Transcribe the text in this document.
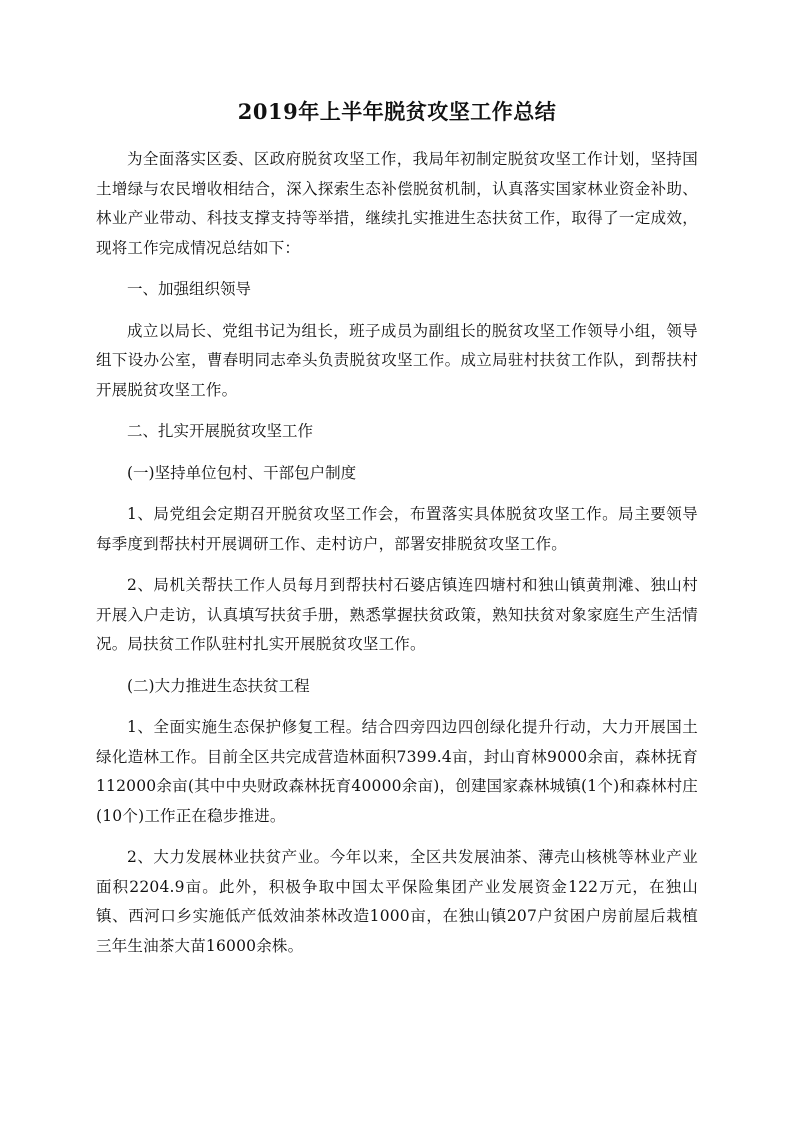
2019年上半年脱贫攻坚工作总结

为全面落实区委、区政府脱贫攻坚工作，我局年初制定脱贫攻坚工作计划，坚持国土增绿与农民增收相结合，深入探索生态补偿脱贫机制，认真落实国家林业资金补助、林业产业带动、科技支撑支持等举措，继续扎实推进生态扶贫工作，取得了一定成效，现将工作完成情况总结如下：

一、加强组织领导

成立以局长、党组书记为组长，班子成员为副组长的脱贫攻坚工作领导小组，领导组下设办公室，曹春明同志牵头负责脱贫攻坚工作。成立局驻村扶贫工作队，到帮扶村开展脱贫攻坚工作。

二、扎实开展脱贫攻坚工作

(一)坚持单位包村、干部包户制度

1、局党组会定期召开脱贫攻坚工作会，布置落实具体脱贫攻坚工作。局主要领导每季度到帮扶村开展调研工作、走村访户，部署安排脱贫攻坚工作。

2、局机关帮扶工作人员每月到帮扶村石婆店镇连四塘村和独山镇黄荆滩、独山村开展入户走访，认真填写扶贫手册，熟悉掌握扶贫政策，熟知扶贫对象家庭生产生活情况。局扶贫工作队驻村扎实开展脱贫攻坚工作。

(二)大力推进生态扶贫工程

1、全面实施生态保护修复工程。结合四旁四边四创绿化提升行动，大力开展国土绿化造林工作。目前全区共完成营造林面积7399.4亩，封山育林9000余亩，森林抚育112000余亩(其中中央财政森林抚育40000余亩)，创建国家森林城镇(1个)和森林村庄(10个)工作正在稳步推进。

2、大力发展林业扶贫产业。今年以来，全区共发展油茶、薄壳山核桃等林业产业面积2204.9亩。此外，积极争取中国太平保险集团产业发展资金122万元，在独山镇、西河口乡实施低产低效油茶林改造1000亩，在独山镇207户贫困户房前屋后栽植三年生油茶大苗16000余株。
